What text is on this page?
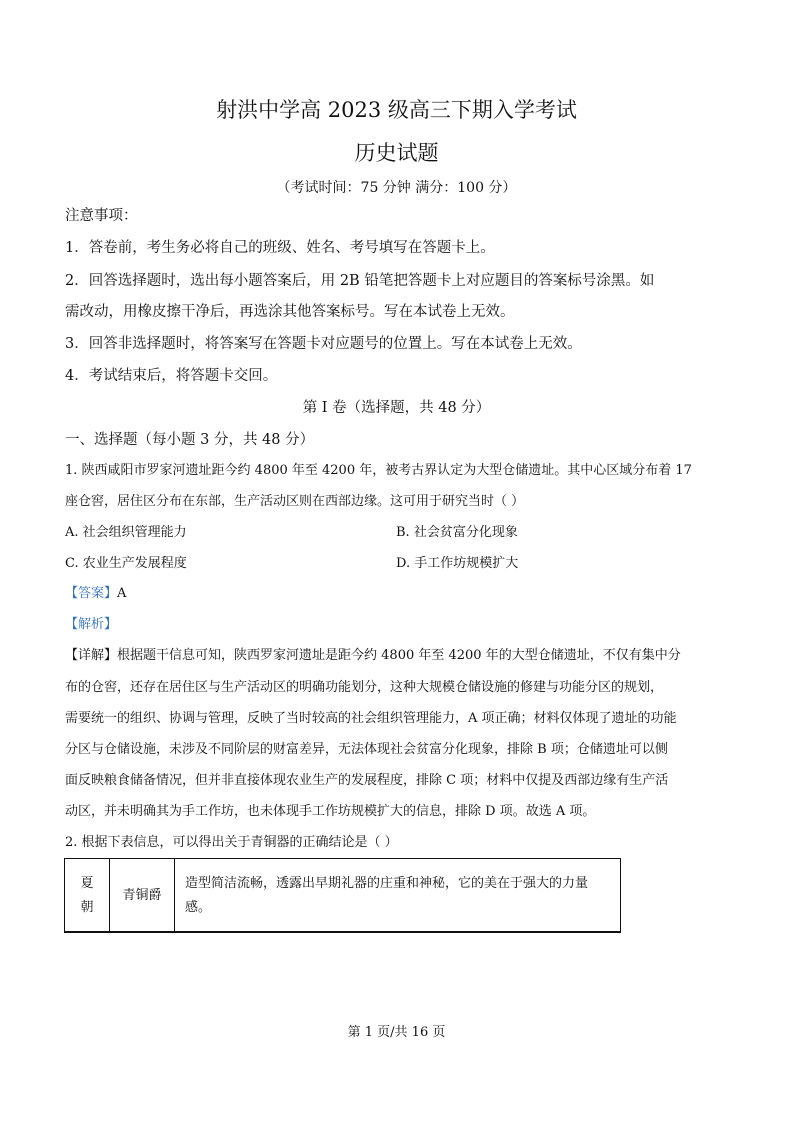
射洪中学高 2023 级高三下期入学考试
历史试题
（考试时间：75 分钟 满分：100 分）
注意事项：
1．答卷前，考生务必将自己的班级、姓名、考号填写在答题卡上。
2．回答选择题时，选出每小题答案后，用 2B 铅笔把答题卡上对应题目的答案标号涂黑。如
需改动，用橡皮擦干净后，再选涂其他答案标号。写在本试卷上无效。
3．回答非选择题时，将答案写在答题卡对应题号的位置上。写在本试卷上无效。
4．考试结束后，将答题卡交回。
第 I 卷（选择题，共 48 分）
一、选择题（每小题 3 分，共 48 分）
1. 陕西咸阳市罗家河遗址距今约 4800 年至 4200 年，被考古界认定为大型仓储遗址。其中心区域分布着 17
座仓窖，居住区分布在东部，生产活动区则在西部边缘。这可用于研究当时（ ）
A. 社会组织管理能力	B. 社会贫富分化现象
C. 农业生产发展程度	D. 手工作坊规模扩大
【答案】A
【解析】
【详解】根据题干信息可知，陕西罗家河遗址是距今约 4800 年至 4200 年的大型仓储遗址，不仅有集中分
布的仓窖，还存在居住区与生产活动区的明确功能划分，这种大规模仓储设施的修建与功能分区的规划，
需要统一的组织、协调与管理，反映了当时较高的社会组织管理能力，A 项正确；材料仅体现了遗址的功能
分区与仓储设施，未涉及不同阶层的财富差异，无法体现社会贫富分化现象，排除 B 项；仓储遗址可以侧
面反映粮食储备情况，但并非直接体现农业生产的发展程度，排除 C 项；材料中仅提及西部边缘有生产活
动区，并未明确其为手工作坊，也未体现手工作坊规模扩大的信息，排除 D 项。故选 A 项。
2. 根据下表信息，可以得出关于青铜器的正确结论是（ ）
夏
朝
	青铜爵	造型简洁流畅，透露出早期礼器的庄重和神秘，它的美在于强大的力量感。
第 1 页/共 16 页
